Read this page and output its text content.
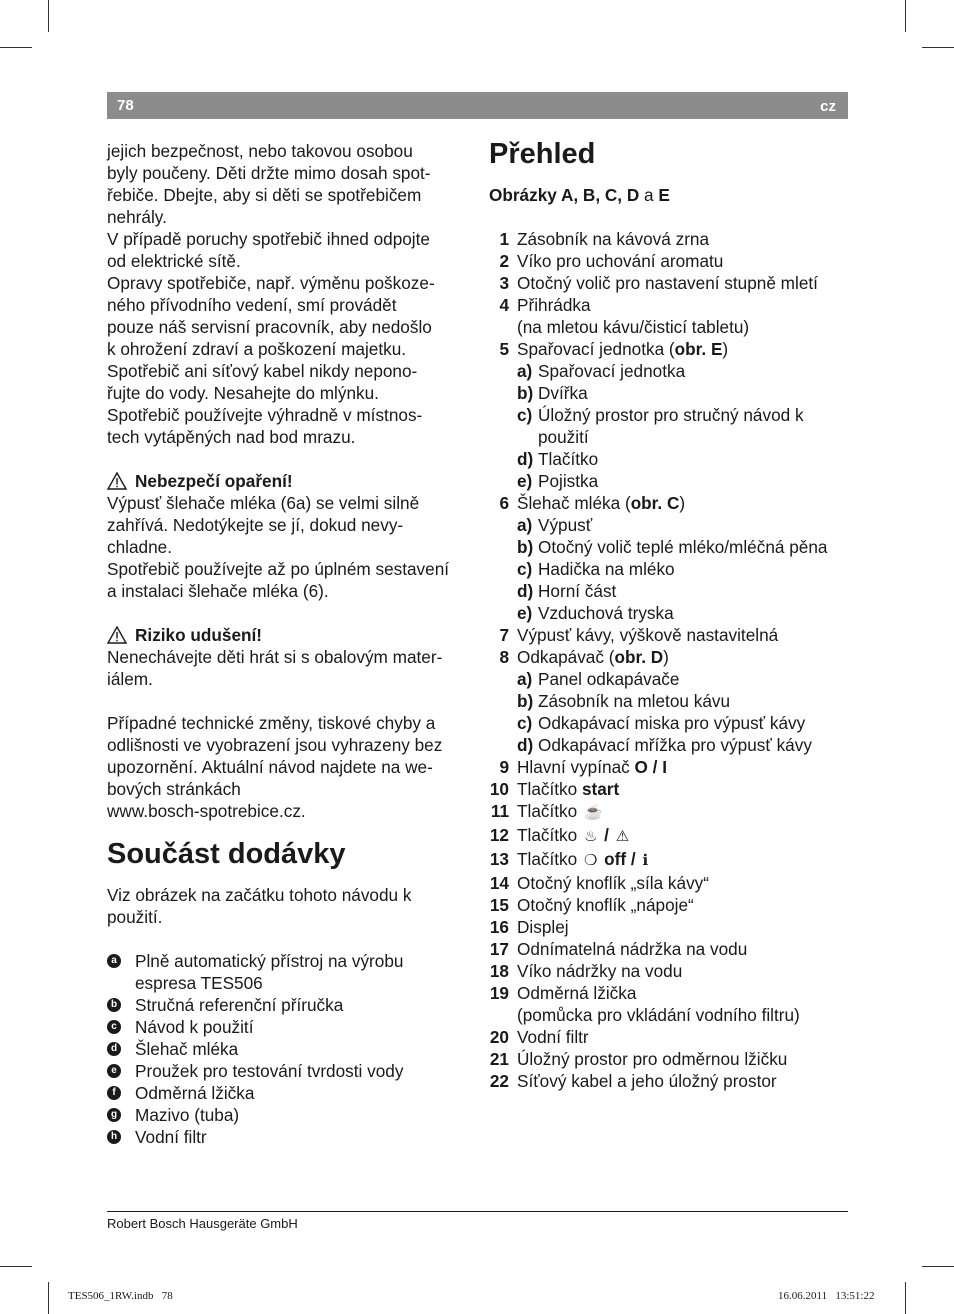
78	cz

jejich bezpečnost, nebo takovou osobou

byly poučeny. Děti držte mimo dosah spot-

řebiče. Dbejte, aby si děti se spotřebičem

nehrály.

V případě poruchy spotřebič ihned odpojte

od elektrické sítě.

Opravy spotřebiče, např. výměnu poškoze-

ného přívodního vedení, smí provádět

pouze náš servisní pracovník, aby nedošlo

k ohrožení zdraví a poškození majetku.

Spotřebič ani síťový kabel nikdy nepono-

řujte do vody. Nesahejte do mlýnku.

Spotřebič používejte výhradně v místnos-

tech vytápěných nad bod mrazu.

Nebezpečí opaření!

Výpusť šlehače mléka (6a) se velmi silně

zahřívá. Nedotýkejte se jí, dokud nevy-

chladne.

Spotřebič používejte až po úplném sestavení

a instalaci šlehače mléka (6).

Riziko udušení!

Nenechávejte děti hrát si s obalovým mater-

iálem.

Případné technické změny, tiskové chyby a

odlišnosti ve vyobrazení jsou vyhrazeny bez

upozornění. Aktuální návod najdete na we-

bových stránkách

www.bosch-spotrebice.cz.

Součást dodávky

Viz obrázek na začátku tohoto návodu k

použití.

a Plně automatický přístroj na výrobu
espresa TES506
b Stručná referenční příručka
c Návod k použití
d Šlehač mléka
e Proužek pro testování tvrdosti vody
f	Odměrná lžička
g Mazivo (tuba)
h Vodní filtr
Přehled

Obrázky A, B, C, D a E

1 Zásobník na kávová zrna
2 Víko pro uchování aromatu
3 Otočný volič pro nastavení stupně mletí
4 Přihrádka
(na mletou kávu/čisticí tabletu)
5 Spařovací jednotka (obr. E)
a) Spařovací jednotka
b) Dvířka
c) Úložný prostor pro stručný návod k
použití
d) Tlačítko
e) Pojistka
6 Šlehač mléka (obr. C)
a) Výpusť
b) Otočný volič teplé mléko/mléčná pěna
c) Hadička na mléko
d) Horní část
e) Vzduchová tryska
7 Výpusť kávy, výškově nastavitelná
8 Odkapávač (obr. D)
a) Panel odkapávače
b) Zásobník na mletou kávu
c) Odkapávací miska pro výpusť kávy
d) Odkapávací mřížka pro výpusť kávy
9 Hlavní vypínač O / I
10 Tlačítko start
11 Tlačítko ☕
12 Tlačítko ♨ / ⚠
13 Tlačítko ❍ off / ℹ
14 Otočný knoflík „síla kávy“
15 Otočný knoflík „nápoje“
16 Displej
17 Odnímatelná nádržka na vodu
18 Víko nádržky na vodu
19 Odměrná lžička
(pomůcka pro vkládání vodního filtru)
20 Vodní filtr
21 Úložný prostor pro odměrnou lžičku
22 Síťový kabel a jeho úložný prostor
Robert Bosch Hausgeräte GmbH
TES506_1RW.indb   78	16.06.2011   13:51:22
